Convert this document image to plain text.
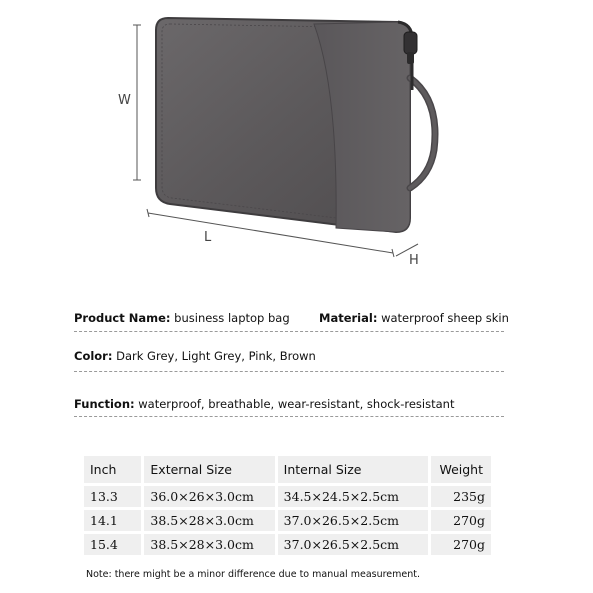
W
L
H
Product Name: business laptop bag	Material: waterproof sheep skin
Color: Dark Grey, Light Grey, Pink, Brown
Function: waterproof, breathable, wear-resistant, shock-resistant
Inch	External Size	Internal Size	Weight
13.3	36.0×26×3.0cm	34.5×24.5×2.5cm	235g
14.1	38.5×28×3.0cm	37.0×26.5×2.5cm	270g
15.4	38.5×28×3.0cm	37.0×26.5×2.5cm	270g
Note: there might be a minor difference due to manual measurement.
